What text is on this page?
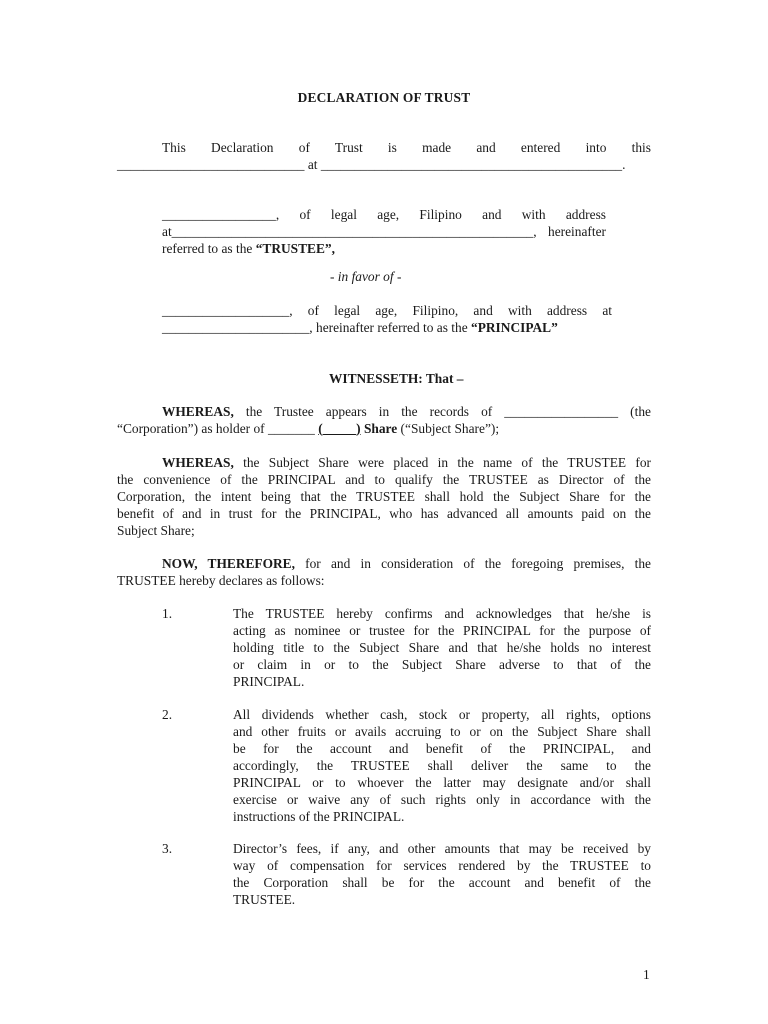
DECLARATION OF TRUST
This Declaration of Trust is made and entered into this
____________________________ at _____________________________________________.
_________________, of legal age, Filipino and with address
at______________________________________________________, hereinafter
referred to as the “TRUSTEE”,
- in favor of -
___________________, of legal age, Filipino, and with address at
______________________, hereinafter referred to as the “PRINCIPAL”
WITNESSETH: That –
WHEREAS, the Trustee appears in the records of _________________ (the
“Corporation”) as holder of _______ (_____) Share (“Subject Share”);
WHEREAS, the Subject Share were placed in the name of the TRUSTEE for
the convenience of the PRINCIPAL and to qualify the TRUSTEE as Director of the
Corporation, the intent being that the TRUSTEE shall hold the Subject Share for the
benefit of and in trust for the PRINCIPAL, who has advanced all amounts paid on the
Subject Share;
NOW, THEREFORE, for and in consideration of the foregoing premises, the
TRUSTEE hereby declares as follows:
1.	The TRUSTEE hereby confirms and acknowledges that he/she is
acting as nominee or trustee for the PRINCIPAL for the purpose of
holding title to the Subject Share and that he/she holds no interest
or claim in or to the Subject Share adverse to that of the
PRINCIPAL.
2.	All dividends whether cash, stock or property, all rights, options
and other fruits or avails accruing to or on the Subject Share shall
be for the account and benefit of the PRINCIPAL, and
accordingly, the TRUSTEE shall deliver the same to the
PRINCIPAL or to whoever the latter may designate and/or shall
exercise or waive any of such rights only in accordance with the
instructions of the PRINCIPAL.
3.	Director’s fees, if any, and other amounts that may be received by
way of compensation for services rendered by the TRUSTEE to
the Corporation shall be for the account and benefit of the
TRUSTEE.
1
